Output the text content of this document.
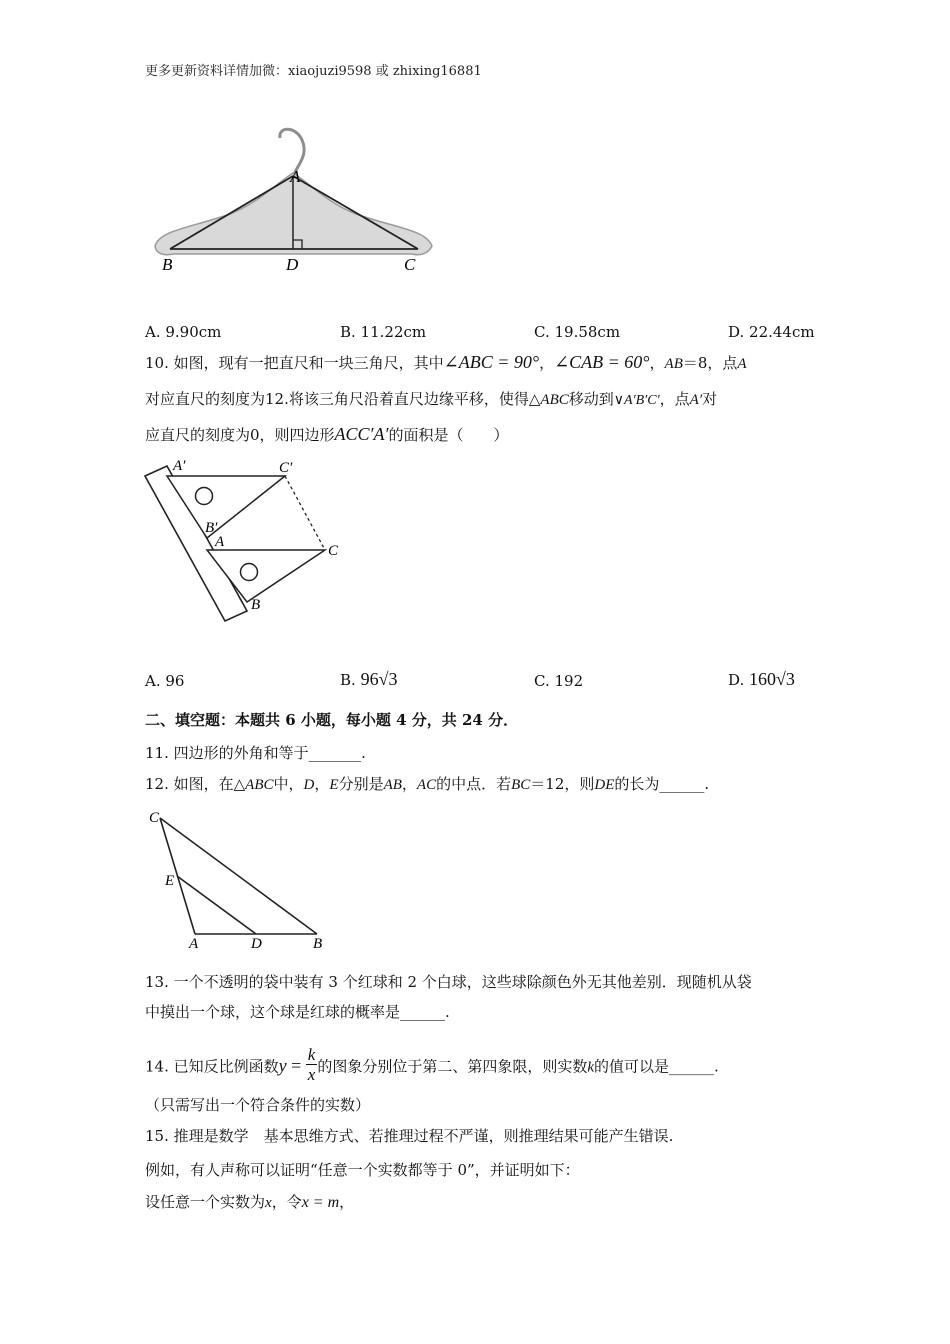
更多更新资料详情加微：xiaojuzi9598 或 zhixing16881
A
B	D	C
A. 9.90cm	B. 11.22cm	C. 19.58cm	D. 22.44cm
10. 如图，现有一把直尺和一块三角尺，其中∠ABC = 90°，∠CAB = 60°，AB＝8，点A
对应直尺的刻度为12.将该三角尺沿着直尺边缘平移，使得△ABC移动到∨A′B′C′，点A′对
应直尺的刻度为0，则四边形ACC′A′的面积是（　　）
A′	C′
B′
A
C
B
A. 96	B. 96√3	C. 192	D. 160√3
二、填空题：本题共 6 小题，每小题 4 分，共 24 分．
11. 四边形的外角和等于_______.
12. 如图，在△ABC中，D，E分别是AB，AC的中点．若BC＝12，则DE的长为______.
C
E
A	D	B
13. 一个不透明的袋中装有 3 个红球和 2 个白球，这些球除颜色外无其他差别．现随机从袋
中摸出一个球，这个球是红球的概率是______.
14. 已知反比例函数$y = \frac{k}{x}$ 的图象分别位于第二、第四象限，则实数k的值可以是______.
（只需写出一个符合条件的实数）
15. 推理是数学　基本思维方式、若推理过程不严谨，则推理结果可能产生错误.
例如，有人声称可以证明“任意一个实数都等于 0”，并证明如下：
设任意一个实数为x，令x = m，
